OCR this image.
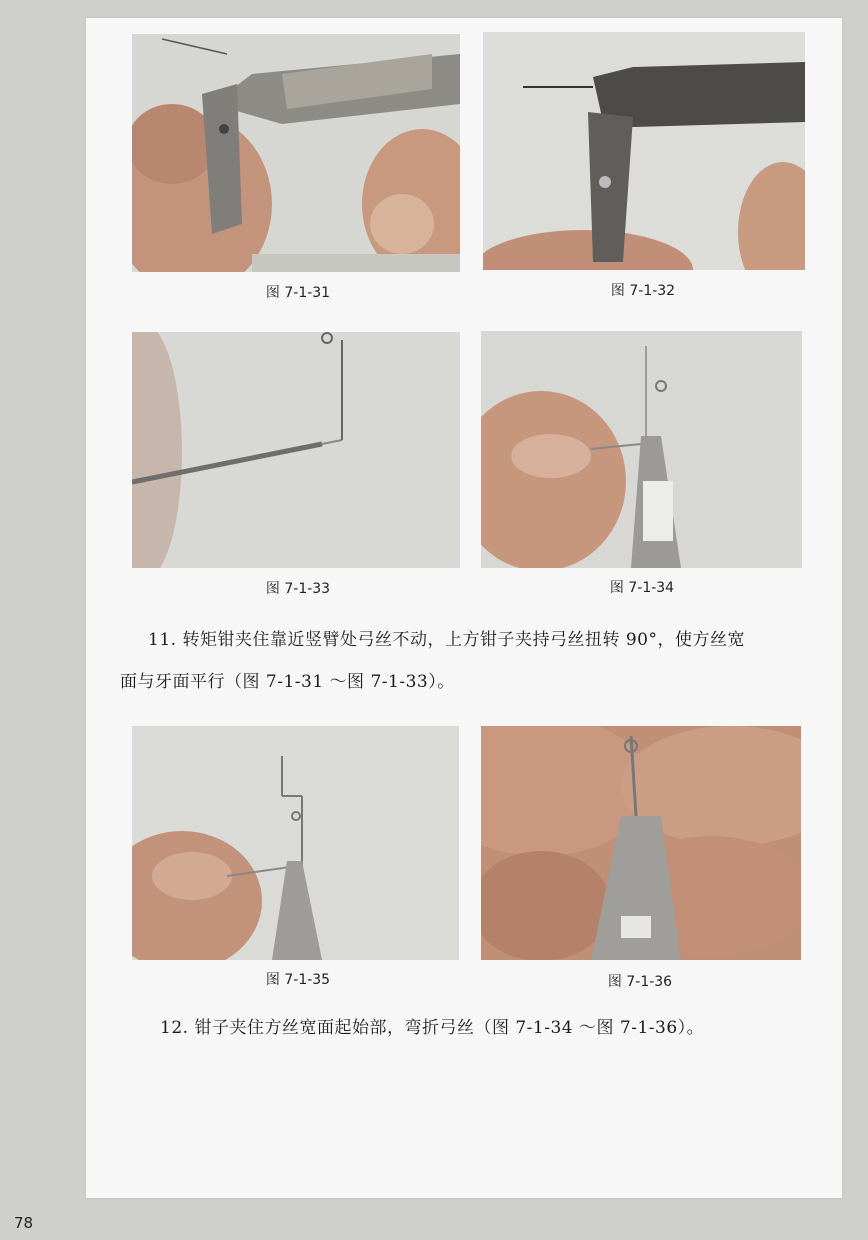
图 7-1-31	图 7-1-32
图 7-1-33	图 7-1-34
11. 转矩钳夹住靠近竖臂处弓丝不动，上方钳子夹持弓丝扭转 90°，使方丝宽
面与牙面平行（图 7-1-31 ～图 7-1-33）。
图 7-1-35	图 7-1-36
12. 钳子夹住方丝宽面起始部，弯折弓丝（图 7-1-34 ～图 7-1-36）。
78
